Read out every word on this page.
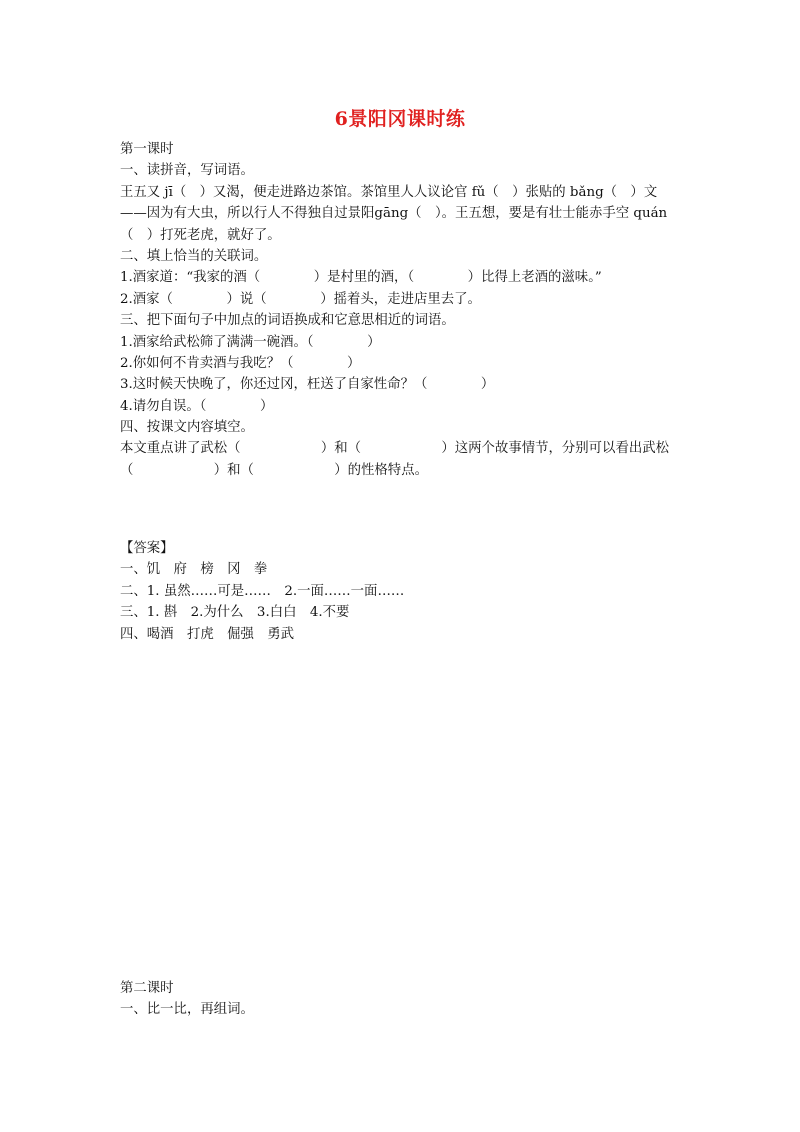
6景阳冈课时练
第一课时
一、读拼音，写词语。
王五又 jī（　）又渴，便走进路边茶馆。茶馆里人人议论官 fǔ（　）张贴的 bǎng（　）文
——因为有大虫，所以行人不得独自过景阳gāng（　）。王五想，要是有壮士能赤手空 quán
（　）打死老虎，就好了。
二、填上恰当的关联词。
1.酒家道：“我家的酒（　　　　）是村里的酒，（　　　　）比得上老酒的滋味。”
2.酒家（　　　　）说（　　　　）摇着头，走进店里去了。
三、把下面句子中加点的词语换成和它意思相近的词语。
1.酒家给武松筛了满满一碗酒。（　　　　）
2.你如何不肯卖酒与我吃？（　　　　）
3.这时候天快晚了，你还过冈，枉送了自家性命？（　　　　）
4.请勿自误。（　　　　）
四、按课文内容填空。
本文重点讲了武松（　　　　　　）和（　　　　　　）这两个故事情节，分别可以看出武松
（　　　　　　）和（　　　　　　）的性格特点。
【答案】
一、饥　府　榜　冈　拳
二、1. 虽然……可是……　2.一面……一面……
三、1. 斟　2.为什么　3.白白　4.不要
四、喝酒　打虎　倔强　勇武
第二课时
一、比一比，再组词。
